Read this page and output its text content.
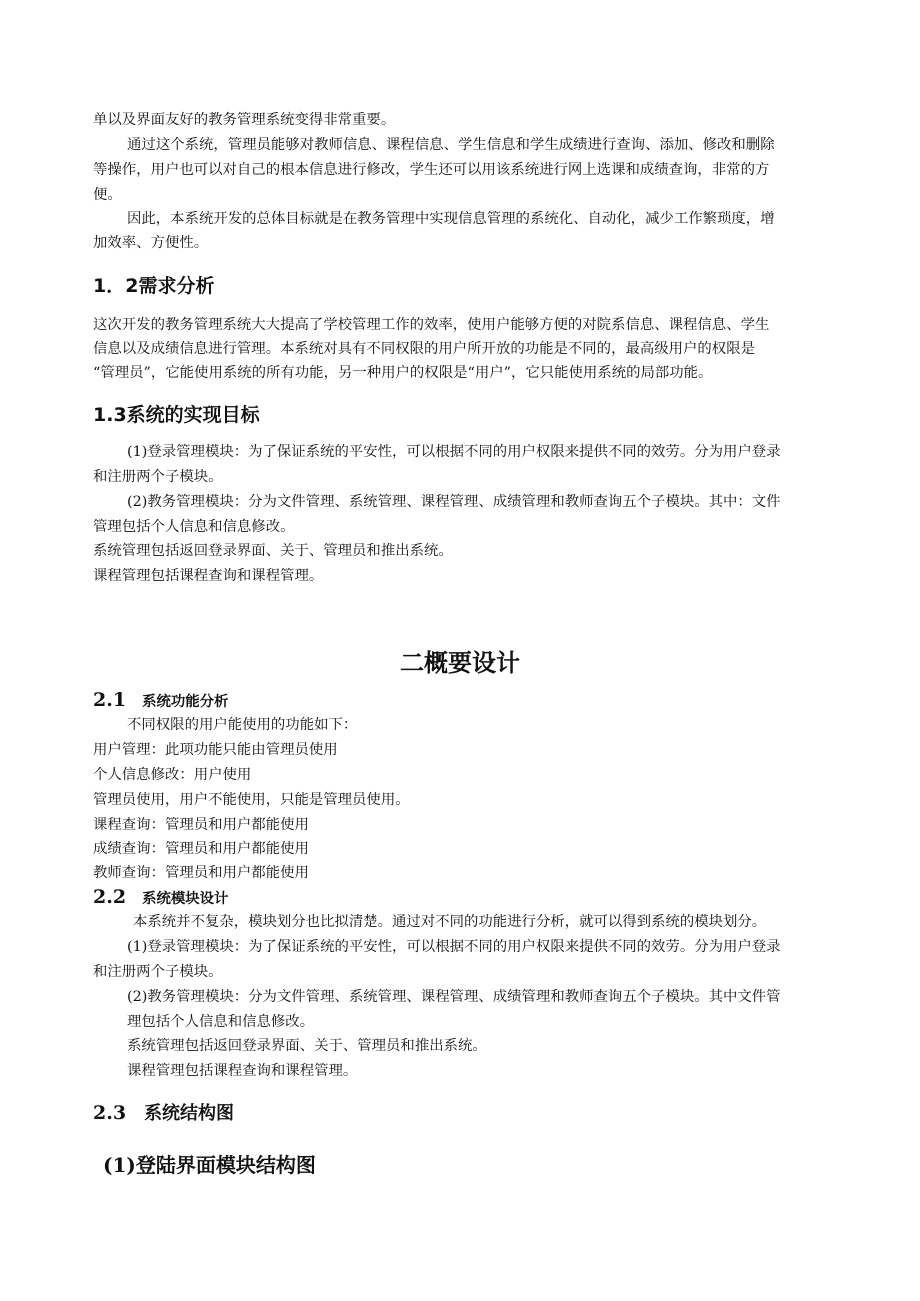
单以及界面友好的教务管理系统变得非常重要。

通过这个系统，管理员能够对教师信息、课程信息、学生信息和学生成绩进行查询、添加、修改和删除

等操作，用户也可以对自己的根本信息进行修改，学生还可以用该系统进行网上选课和成绩查询，非常的方

便。

因此，本系统开发的总体目标就是在教务管理中实现信息管理的系统化、自动化，减少工作繁琐度，增

加效率、方便性。

1．2需求分析

这次开发的教务管理系统大大提高了学校管理工作的效率，使用户能够方便的对院系信息、课程信息、学生

信息以及成绩信息进行管理。本系统对具有不同权限的用户所开放的功能是不同的，最高级用户的权限是

“管理员”，它能使用系统的所有功能，另一种用户的权限是“用户”，它只能使用系统的局部功能。

1.3系统的实现目标

(1)登录管理模块：为了保证系统的平安性，可以根据不同的用户权限来提供不同的效劳。分为用户登录

和注册两个子模块。

(2)教务管理模块：分为文件管理、系统管理、课程管理、成绩管理和教师查询五个子模块。其中：文件

管理包括个人信息和信息修改。

系统管理包括返回登录界面、关于、管理员和推出系统。

课程管理包括课程查询和课程管理。

二概要设计
2.1 系统功能分析

不同权限的用户能使用的功能如下：

用户管理：此项功能只能由管理员使用

个人信息修改：用户使用

管理员使用，用户不能使用，只能是管理员使用。

课程查询：管理员和用户都能使用

成绩查询：管理员和用户都能使用

教师查询：管理员和用户都能使用

2.2 系统模块设计

本系统并不复杂，模块划分也比拟清楚。通过对不同的功能进行分析，就可以得到系统的模块划分。

(1)登录管理模块：为了保证系统的平安性，可以根据不同的用户权限来提供不同的效劳。分为用户登录

和注册两个子模块。

(2)教务管理模块：分为文件管理、系统管理、课程管理、成绩管理和教师查询五个子模块。其中文件管

理包括个人信息和信息修改。

系统管理包括返回登录界面、关于、管理员和推出系统。

课程管理包括课程查询和课程管理。

2.3 系统结构图
(1)登陆界面模块结构图
